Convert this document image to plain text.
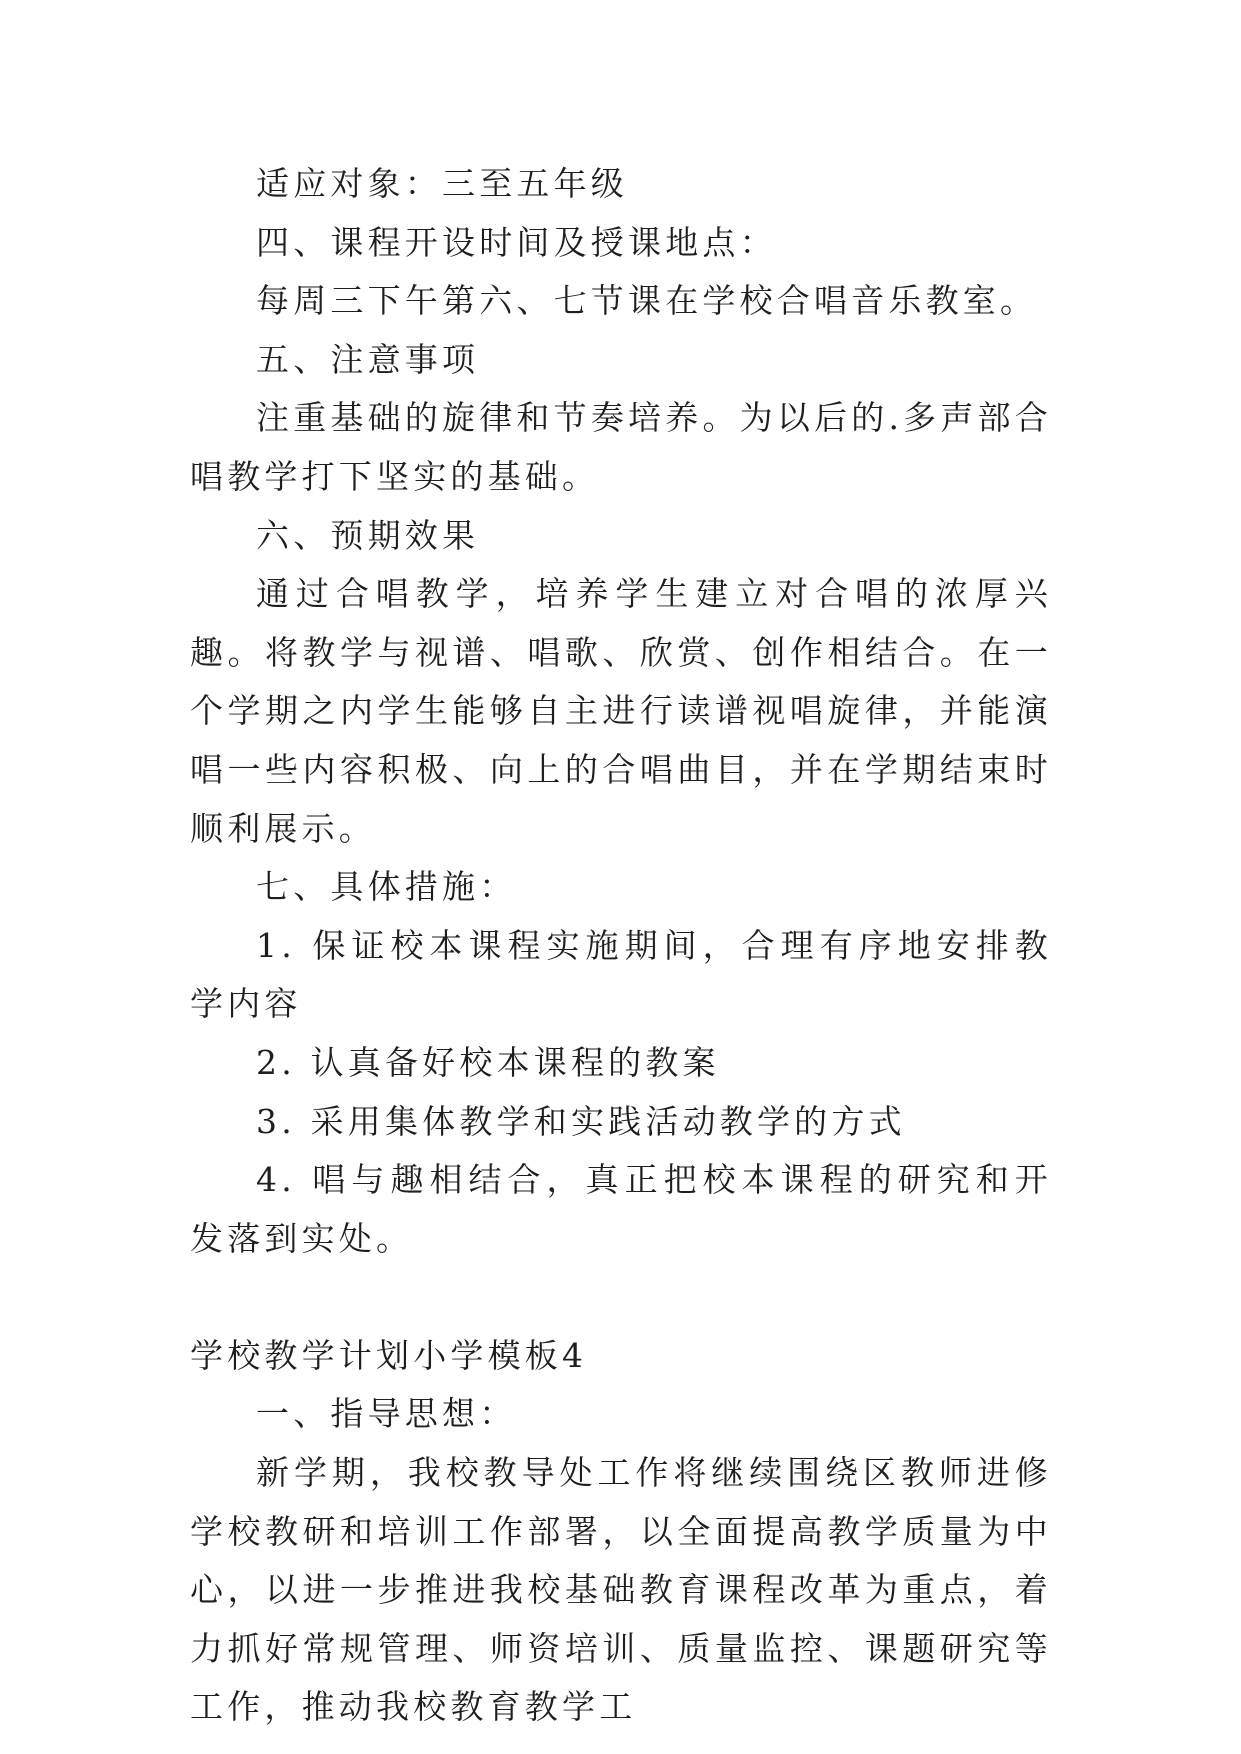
适应对象：三至五年级

四、课程开设时间及授课地点：

每周三下午第六、七节课在学校合唱音乐教室。

五、注意事项

注重基础的旋律和节奏培养。为以后的.多声部合唱教学打下坚实的基础。

六、预期效果

通过合唱教学，培养学生建立对合唱的浓厚兴趣。将教学与视谱、唱歌、欣赏、创作相结合。在一个学期之内学生能够自主进行读谱视唱旋律，并能演唱一些内容积极、向上的合唱曲目，并在学期结束时顺利展示。

七、具体措施：

1. 保证校本课程实施期间，合理有序地安排教学内容

2. 认真备好校本课程的教案

3. 采用集体教学和实践活动教学的方式

4. 唱与趣相结合，真正把校本课程的研究和开发落到实处。

学校教学计划小学模板4

一、指导思想：

新学期，我校教导处工作将继续围绕区教师进修学校教研和培训工作部署，以全面提高教学质量为中心，以进一步推进我校基础教育课程改革为重点，着力抓好常规管理、师资培训、质量监控、课题研究等工作，推动我校教育教学工
